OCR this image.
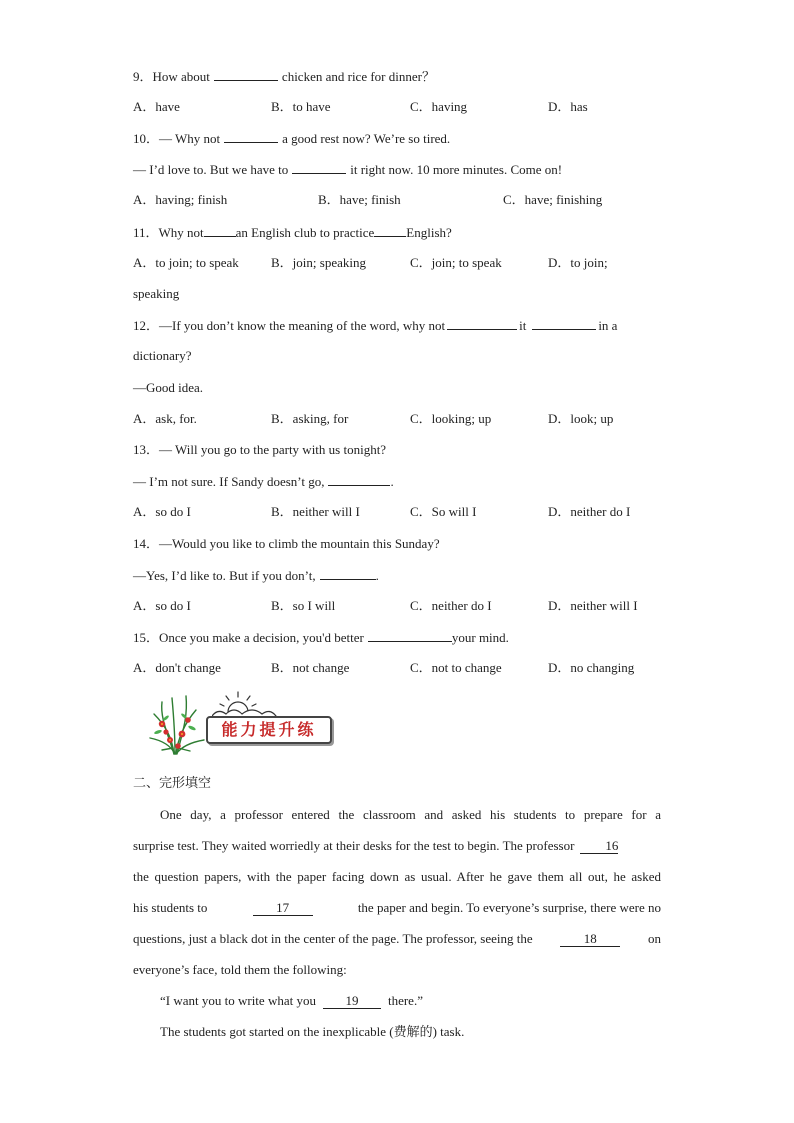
9．How about	chicken and rice for dinner？
A．have	B．to have	C．having	D．has
10．— Why not	a good rest now? We’re so tired.
— I’d love to. But we have to	it right now. 10 more minutes. Come on!
A．having; finish	B．have; finish	C．have; finishing
11．Why not an English club to practice English?
A．to join; to speak B．join; speaking	C．join; to speak	D．to join;
speaking
12．—If you don’t know the meaning of the word, why not	it	in a
dictionary?
—Good idea.
A．ask, for.	B．asking, for	C．looking; up	D．look; up
13．— Will you go to the party with us tonight?
— I’m not sure. If Sandy doesn’t go,	.
A．so do I	B．neither will I	C．So will I	D．neither do I
14．—Would you like to climb the mountain this Sunday?
—Yes, I’d like to. But if you don’t,	.
A．so do I	B．so I will	C．neither do I	D．neither will I
15．Once you make a decision, you'd better	your mind.
A．don't change	B．not change	C．not to change	D．no changing
能力提升练
二、完形填空
One day, a professor entered the classroom and asked his students to prepare for a
surprise test. They waited worriedly at their desks for the test to begin. The professor 16
the question papers, with the paper facing down as usual. After he gave them all out, he asked
his students to	17	the paper and begin. To everyone’s surprise, there were no
questions, just a black dot in the center of the page. The professor, seeing the	18	on
everyone’s face, told them the following:
“I want you to write what you 19 there.”
The students got started on the inexplicable (费解的) task.
